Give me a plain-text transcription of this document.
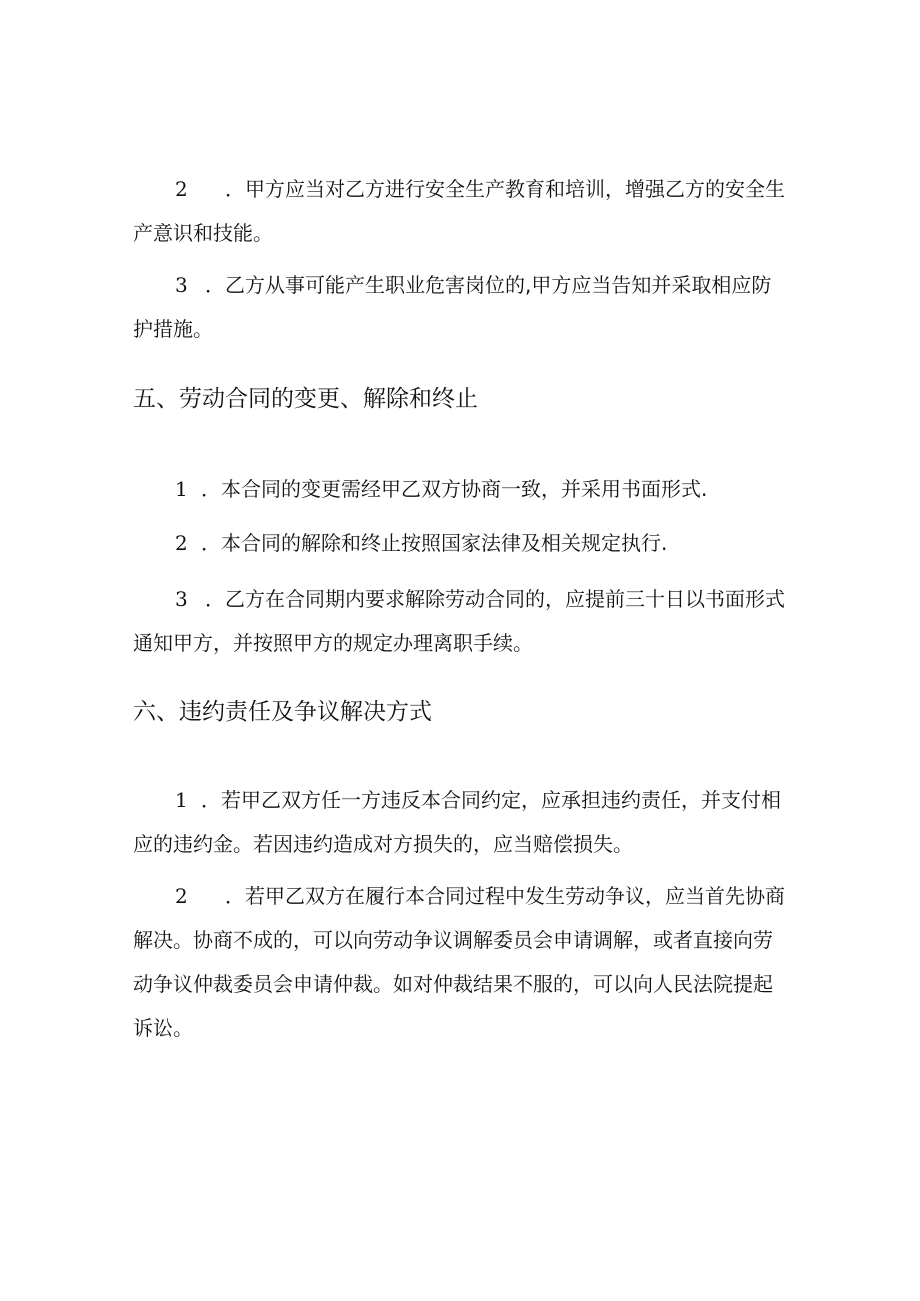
2 ．甲方应当对乙方进行安全生产教育和培训，增强乙方的安全生
产意识和技能。
3 ．乙方从事可能产生职业危害岗位的,甲方应当告知并采取相应防
护措施。
五、劳动合同的变更、解除和终止
1 ．本合同的变更需经甲乙双方协商一致，并采用书面形式.
2 ．本合同的解除和终止按照国家法律及相关规定执行.
3 ．乙方在合同期内要求解除劳动合同的，应提前三十日以书面形式
通知甲方，并按照甲方的规定办理离职手续。
六、违约责任及争议解决方式
1 ．若甲乙双方任一方违反本合同约定，应承担违约责任，并支付相
应的违约金。若因违约造成对方损失的，应当赔偿损失。
2 ．若甲乙双方在履行本合同过程中发生劳动争议，应当首先协商
解决。协商不成的，可以向劳动争议调解委员会申请调解，或者直接向劳
动争议仲裁委员会申请仲裁。如对仲裁结果不服的，可以向人民法院提起
诉讼。
